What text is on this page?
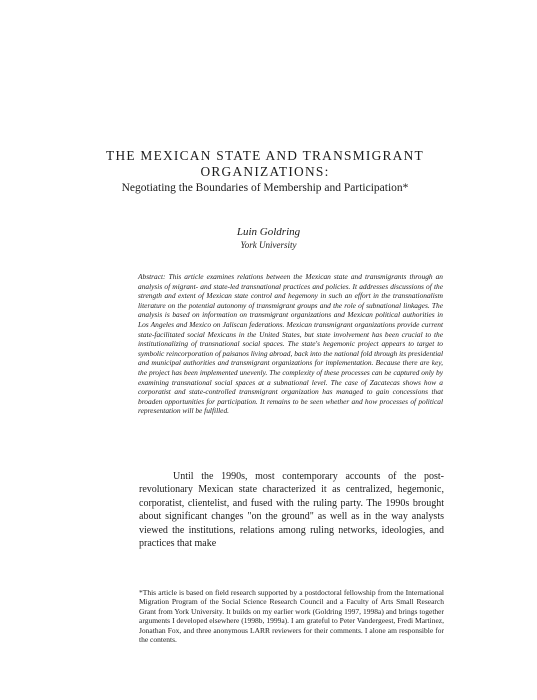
THE MEXICAN STATE AND TRANSMIGRANT ORGANIZATIONS:

Negotiating the Boundaries of Membership and Participation*

Luin Goldring

York University

Abstract: This article examines relations between the Mexican state and transmigrants through an analysis of migrant- and state-led transnational practices and policies. It addresses discussions of the strength and extent of Mexican state control and hegemony in such an effort in the transnationalism literature on the potential autonomy of transmigrant groups and the role of subnational linkages. The analysis is based on information on transmigrant organizations and Mexican political authorities in Los Angeles and Mexico on Jaliscan federations. Mexican transmigrant organizations provide current state-facilitated social Mexicans in the United States, but state involvement has been crucial to the institutionalizing of transnational social spaces. The state's hegemonic project appears to target to symbolic reincorporation of paisanos living abroad, back into the national fold through its presidential and municipal authorities and transmigrant organizations for implementation. Because there are key, the project has been implemented unevenly. The complexity of these processes can be captured only by examining transnational social spaces at a subnational level. The case of Zacatecas shows how a corporatist and state-controlled transmigrant organization has managed to gain concessions that broaden opportunities for participation. It remains to be seen whether and how processes of political representation will be fulfilled.

Until the 1990s, most contemporary accounts of the post-revolutionary Mexican state characterized it as centralized, hegemonic, corporatist, clientelist, and fused with the ruling party. The 1990s brought about significant changes "on the ground" as well as in the way analysts viewed the institutions, relations among ruling networks, ideologies, and practices that make

*This article is based on field research supported by a postdoctoral fellowship from the International Migration Program of the Social Science Research Council and a Faculty of Arts Small Research Grant from York University. It builds on my earlier work (Goldring 1997, 1998a) and brings together arguments I developed elsewhere (1998b, 1999a). I am grateful to Peter Vandergeest, Fredi Martinez, Jonathan Fox, and three anonymous LARR reviewers for their comments. I alone am responsible for the contents.
